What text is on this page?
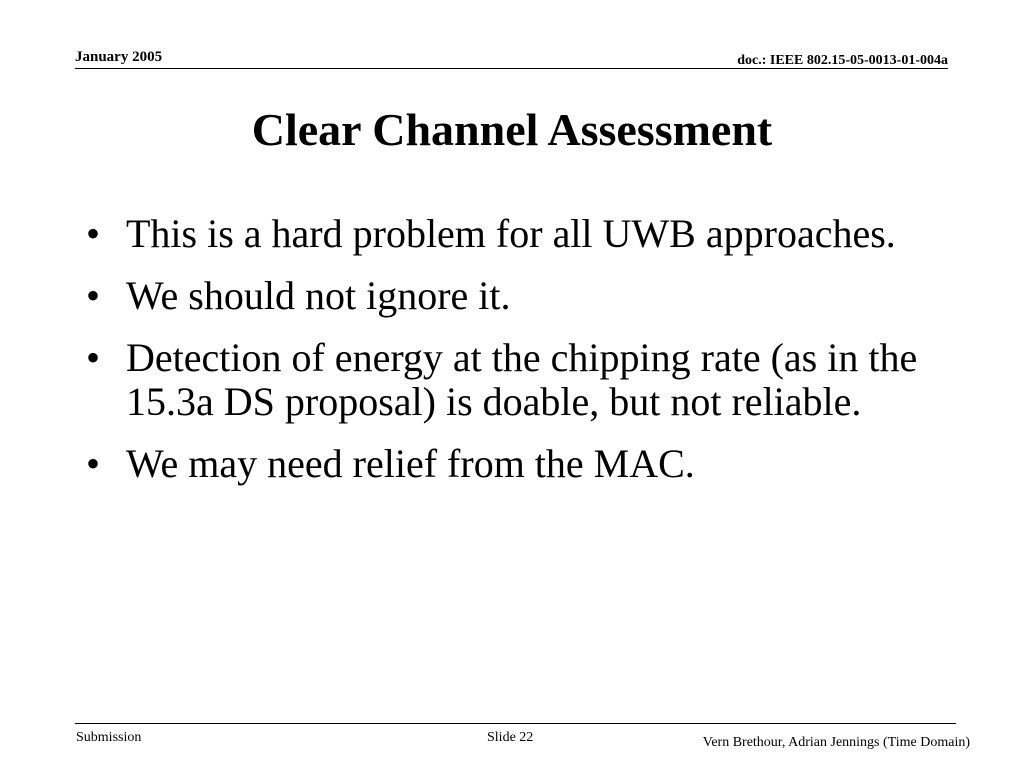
January 2005	doc.: IEEE 802.15-05-0013-01-004a
Clear Channel Assessment
• This is a hard problem for all UWB approaches.
• We should not ignore it.
• Detection of energy at the chipping rate (as in the 15.3a DS proposal) is doable, but not reliable.
• We may need relief from the MAC.
Submission	Slide 22	Vern Brethour, Adrian Jennings (Time Domain)
